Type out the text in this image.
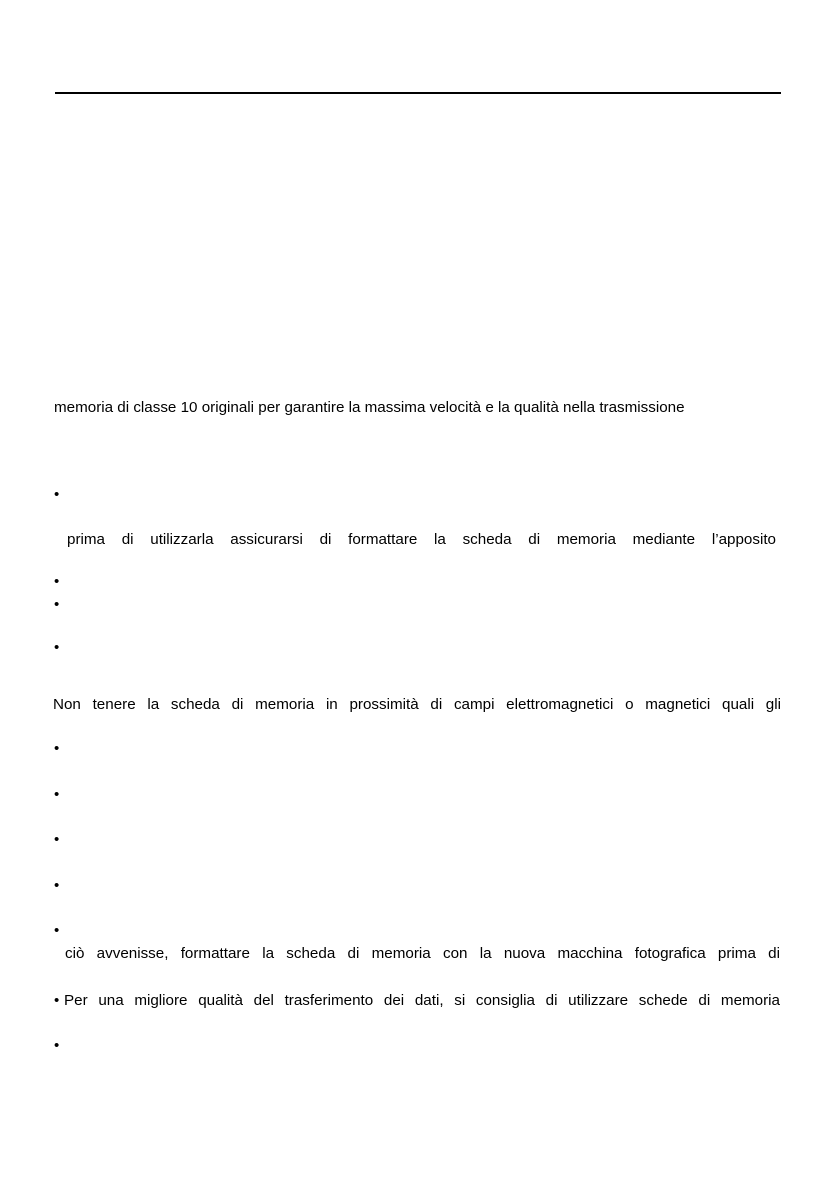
memoria di classe 10 originali per garantire la massima velocità e la qualità nella trasmissione
•
prima di utilizzarla assicurarsi di formattare la scheda di memoria mediante l’apposito
•
•
•
Non tenere la scheda di memoria in prossimità di campi elettromagnetici o magnetici quali gli
•
•
•
•
•
ciò avvenisse, formattare la scheda di memoria con la nuova macchina fotografica prima di
• Per una migliore qualità del trasferimento dei dati, si consiglia di utilizzare schede di memoria
•
